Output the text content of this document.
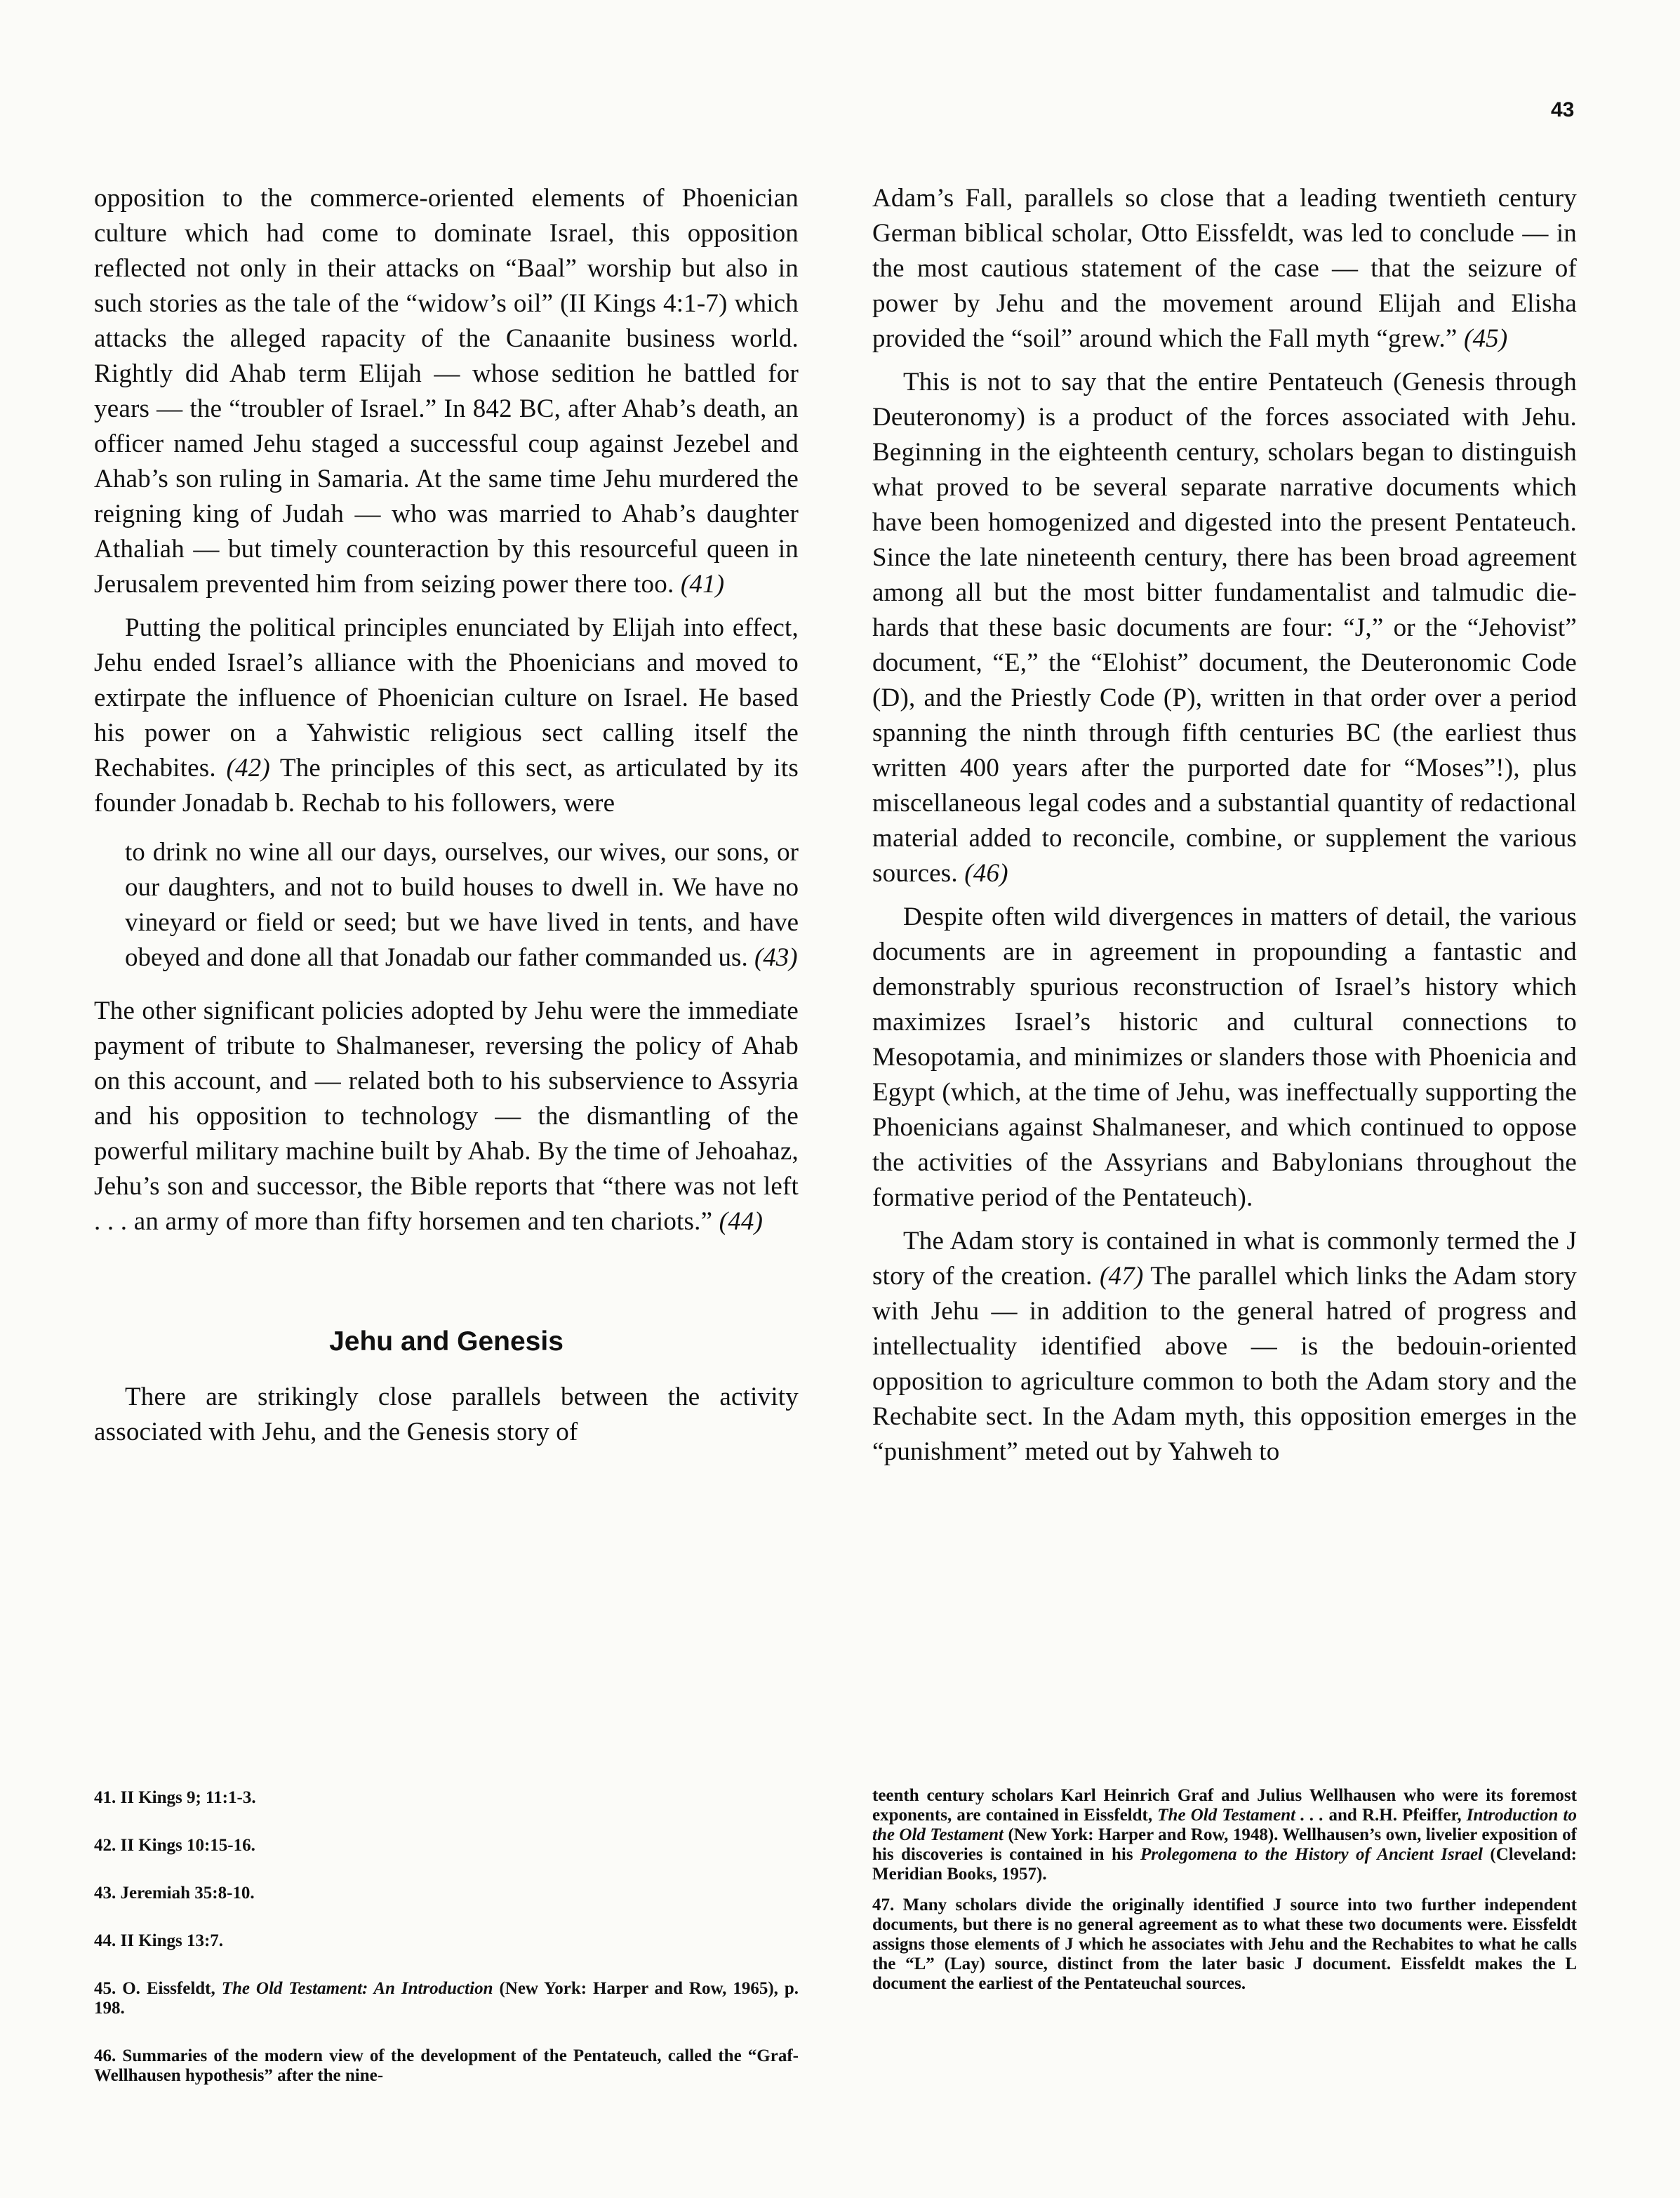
43

opposition to the commerce-oriented elements of Phoenician culture which had come to dominate Israel, this opposition reflected not only in their attacks on “Baal” worship but also in such stories as the tale of the “widow’s oil” (II Kings 4:1-7) which attacks the alleged rapacity of the Canaanite business world. Rightly did Ahab term Elijah — whose sedition he battled for years — the “troubler of Israel.” In 842 BC, after Ahab’s death, an officer named Jehu staged a successful coup against Jezebel and Ahab’s son ruling in Samaria. At the same time Jehu murdered the reigning king of Judah — who was married to Ahab’s daughter Athaliah — but timely counteraction by this resourceful queen in Jerusalem prevented him from seizing power there too. (41)

Putting the political principles enunciated by Elijah into effect, Jehu ended Israel’s alliance with the Phoenicians and moved to extirpate the influence of Phoenician culture on Israel. He based his power on a Yahwistic religious sect calling itself the Rechabites. (42) The principles of this sect, as articulated by its founder Jonadab b. Rechab to his followers, were

to drink no wine all our days, ourselves, our wives, our sons, or our daughters, and not to build houses to dwell in. We have no vineyard or field or seed; but we have lived in tents, and have obeyed and done all that Jonadab our father commanded us. (43)

The other significant policies adopted by Jehu were the immediate payment of tribute to Shalmaneser, reversing the policy of Ahab on this account, and — related both to his subservience to Assyria and his opposition to technology — the dismantling of the powerful military machine built by Ahab. By the time of Jehoahaz, Jehu’s son and successor, the Bible reports that “there was not left . . . an army of more than fifty horsemen and ten chariots.” (44)

Jehu and Genesis

There are strikingly close parallels between the activity associated with Jehu, and the Genesis story of

Adam’s Fall, parallels so close that a leading twentieth century German biblical scholar, Otto Eissfeldt, was led to conclude — in the most cautious statement of the case — that the seizure of power by Jehu and the movement around Elijah and Elisha provided the “soil” around which the Fall myth “grew.” (45)

This is not to say that the entire Pentateuch (Genesis through Deuteronomy) is a product of the forces associated with Jehu. Beginning in the eighteenth century, scholars began to distinguish what proved to be several separate narrative documents which have been homogenized and digested into the present Pentateuch. Since the late nineteenth century, there has been broad agreement among all but the most bitter fundamentalist and talmudic die-hards that these basic documents are four: “J,” or the “Jehovist” document, “E,” the “Elohist” document, the Deuteronomic Code (D), and the Priestly Code (P), written in that order over a period spanning the ninth through fifth centuries BC (the earliest thus written 400 years after the purported date for “Moses”!), plus miscellaneous legal codes and a substantial quantity of redactional material added to reconcile, combine, or supplement the various sources. (46)

Despite often wild divergences in matters of detail, the various documents are in agreement in propounding a fantastic and demonstrably spurious reconstruction of Israel’s history which maximizes Israel’s historic and cultural connections to Mesopotamia, and minimizes or slanders those with Phoenicia and Egypt (which, at the time of Jehu, was ineffectually supporting the Phoenicians against Shalmaneser, and which continued to oppose the activities of the Assyrians and Babylonians throughout the formative period of the Pentateuch).

The Adam story is contained in what is commonly termed the J story of the creation. (47) The parallel which links the Adam story with Jehu — in addition to the general hatred of progress and intellectuality identified above — is the bedouin-oriented opposition to agriculture common to both the Adam story and the Rechabite sect. In the Adam myth, this opposition emerges in the “punishment” meted out by Yahweh to

41. II Kings 9; 11:1-3.
42. II Kings 10:15-16.
43. Jeremiah 35:8-10.
44. II Kings 13:7.
45. O. Eissfeldt, The Old Testament: An Introduction (New York: Harper and Row, 1965), p. 198.
46. Summaries of the modern view of the development of the Pentateuch, called the “Graf-Wellhausen hypothesis” after the nine-
teenth century scholars Karl Heinrich Graf and Julius Wellhausen who were its foremost exponents, are contained in Eissfeldt, The Old Testament . . . and R.H. Pfeiffer, Introduction to the Old Testament (New York: Harper and Row, 1948). Wellhausen’s own, livelier exposition of his discoveries is contained in his Prolegomena to the History of Ancient Israel (Cleveland: Meridian Books, 1957).
47. Many scholars divide the originally identified J source into two further independent documents, but there is no general agreement as to what these two documents were. Eissfeldt assigns those elements of J which he associates with Jehu and the Rechabites to what he calls the “L” (Lay) source, distinct from the later basic J document. Eissfeldt makes the L document the earliest of the Pentateuchal sources.
